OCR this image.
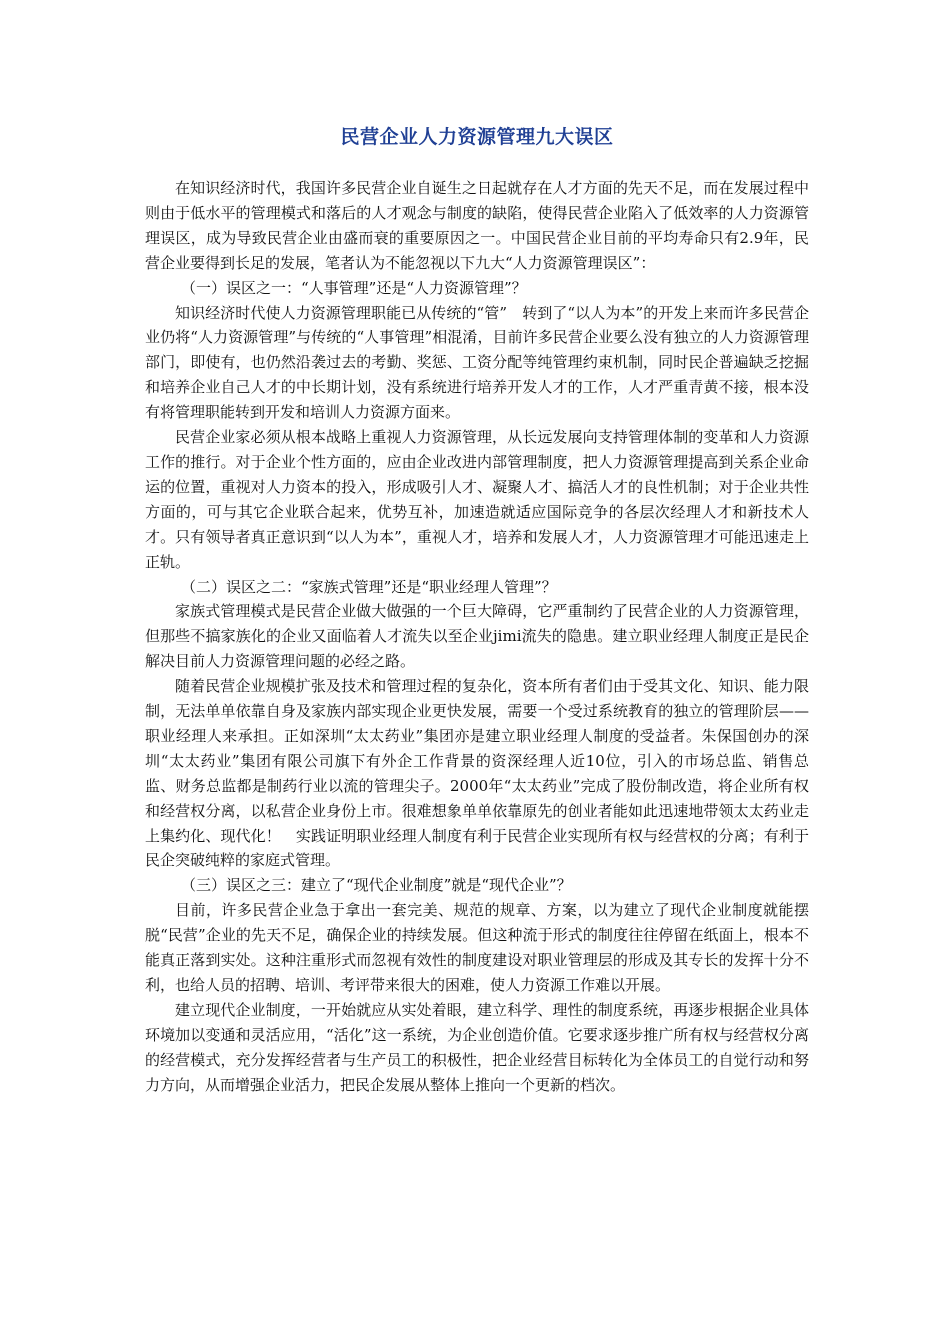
民营企业人力资源管理九大误区

在知识经济时代，我国许多民营企业自诞生之日起就存在人才方面的先天不足，而在发展过程中则由于低水平的管理模式和落后的人才观念与制度的缺陷，使得民营企业陷入了低效率的人力资源管理误区，成为导致民营企业由盛而衰的重要原因之一。中国民营企业目前的平均寿命只有2.9年，民营企业要得到长足的发展，笔者认为不能忽视以下九大“人力资源管理误区”：

（一）误区之一：“人事管理”还是“人力资源管理”？

知识经济时代使人力资源管理职能已从传统的“管”　转到了“以人为本”的开发上来而许多民营企业仍将“人力资源管理”与传统的“人事管理”相混淆，目前许多民营企业要么没有独立的人力资源管理部门，即使有，也仍然沿袭过去的考勤、奖惩、工资分配等纯管理约束机制，同时民企普遍缺乏挖掘和培养企业自己人才的中长期计划，没有系统进行培养开发人才的工作，人才严重青黄不接，根本没有将管理职能转到开发和培训人力资源方面来。

民营企业家必须从根本战略上重视人力资源管理，从长远发展向支持管理体制的变革和人力资源工作的推行。对于企业个性方面的，应由企业改进内部管理制度，把人力资源管理提高到关系企业命运的位置，重视对人力资本的投入，形成吸引人才、凝聚人才、搞活人才的良性机制；对于企业共性方面的，可与其它企业联合起来，优势互补，加速造就适应国际竞争的各层次经理人才和新技术人才。只有领导者真正意识到“以人为本”，重视人才，培养和发展人才，人力资源管理才可能迅速走上正轨。

（二）误区之二：“家族式管理”还是“职业经理人管理”？

家族式管理模式是民营企业做大做强的一个巨大障碍，它严重制约了民营企业的人力资源管理，但那些不搞家族化的企业又面临着人才流失以至企业jimi流失的隐患。建立职业经理人制度正是民企解决目前人力资源管理问题的必经之路。

随着民营企业规模扩张及技术和管理过程的复杂化，资本所有者们由于受其文化、知识、能力限制，无法单单依靠自身及家族内部实现企业更快发展，需要一个受过系统教育的独立的管理阶层——职业经理人来承担。正如深圳“太太药业”集团亦是建立职业经理人制度的受益者。朱保国创办的深圳“太太药业”集团有限公司旗下有外企工作背景的资深经理人近10位，引入的市场总监、销售总监、财务总监都是制药行业以流的管理尖子。2000年“太太药业”完成了股份制改造，将企业所有权和经营权分离，以私营企业身份上市。很难想象单单依靠原先的创业者能如此迅速地带领太太药业走上集约化、现代化！　实践证明职业经理人制度有利于民营企业实现所有权与经营权的分离；有利于民企突破纯粹的家庭式管理。

（三）误区之三：建立了“现代企业制度”就是“现代企业”？

目前，许多民营企业急于拿出一套完美、规范的规章、方案，以为建立了现代企业制度就能摆脱“民营”企业的先天不足，确保企业的持续发展。但这种流于形式的制度往往停留在纸面上，根本不能真正落到实处。这种注重形式而忽视有效性的制度建设对职业管理层的形成及其专长的发挥十分不利，也给人员的招聘、培训、考评带来很大的困难，使人力资源工作难以开展。

建立现代企业制度，一开始就应从实处着眼，建立科学、理性的制度系统，再逐步根据企业具体环境加以变通和灵活应用，“活化”这一系统，为企业创造价值。它要求逐步推广所有权与经营权分离的经营模式，充分发挥经营者与生产员工的积极性，把企业经营目标转化为全体员工的自觉行动和努力方向，从而增强企业活力，把民企发展从整体上推向一个更新的档次。
